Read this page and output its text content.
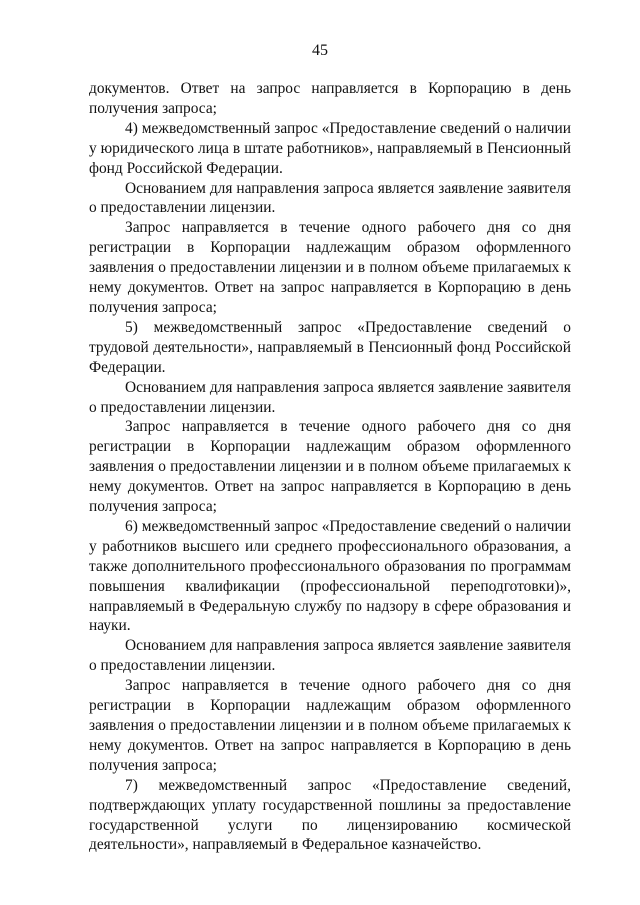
45

документов. Ответ на запрос направляется в Корпорацию в день получения запроса;

4) межведомственный запрос «Предоставление сведений о наличии у юридического лица в штате работников», направляемый в Пенсионный фонд Российской Федерации.

Основанием для направления запроса является заявление заявителя о предоставлении лицензии.

Запрос направляется в течение одного рабочего дня со дня регистрации в Корпорации надлежащим образом оформленного заявления о предоставлении лицензии и в полном объеме прилагаемых к нему документов. Ответ на запрос направляется в Корпорацию в день получения запроса;

5) межведомственный запрос «Предоставление сведений о трудовой деятельности», направляемый в Пенсионный фонд Российской Федерации.

Основанием для направления запроса является заявление заявителя о предоставлении лицензии.

Запрос направляется в течение одного рабочего дня со дня регистрации в Корпорации надлежащим образом оформленного заявления о предоставлении лицензии и в полном объеме прилагаемых к нему документов. Ответ на запрос направляется в Корпорацию в день получения запроса;

6) межведомственный запрос «Предоставление сведений о наличии у работников высшего или среднего профессионального образования, а также дополнительного профессионального образования по программам повышения квалификации (профессиональной переподготовки)», направляемый в Федеральную службу по надзору в сфере образования и науки.

Основанием для направления запроса является заявление заявителя о предоставлении лицензии.

Запрос направляется в течение одного рабочего дня со дня регистрации в Корпорации надлежащим образом оформленного заявления о предоставлении лицензии и в полном объеме прилагаемых к нему документов. Ответ на запрос направляется в Корпорацию в день получения запроса;

7) межведомственный запрос «Предоставление сведений, подтверждающих уплату государственной пошлины за предоставление государственной услуги по лицензированию космической деятельности», направляемый в Федеральное казначейство.
